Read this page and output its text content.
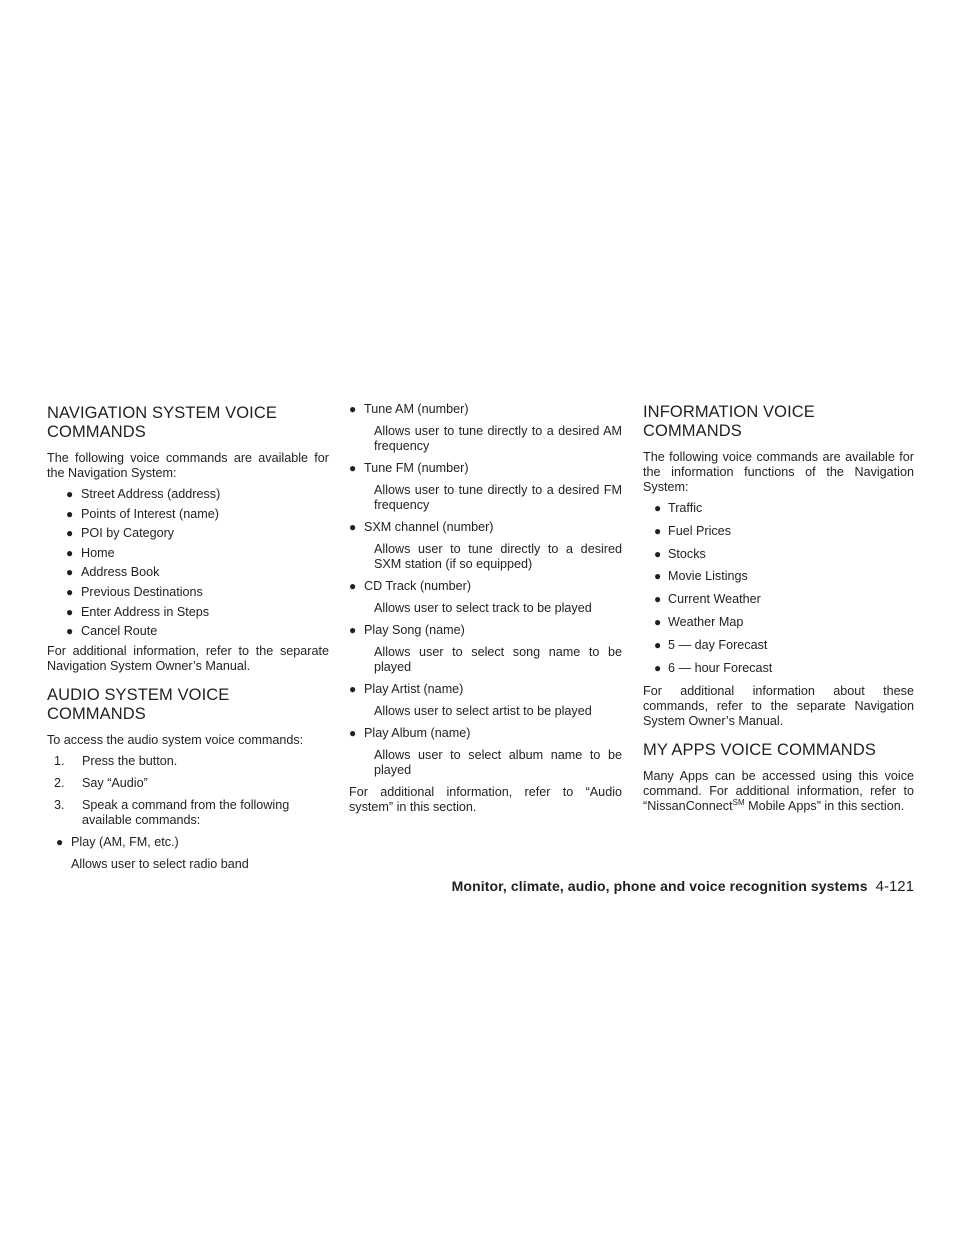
NAVIGATION SYSTEM VOICE COMMANDS

The following voice commands are available for the Navigation System:

● Street Address (address)
● Points of Interest (name)
● POI by Category
● Home
● Address Book
● Previous Destinations
● Enter Address in Steps
● Cancel Route

For additional information, refer to the separate Navigation System Owner’s Manual.

AUDIO SYSTEM VOICE COMMANDS

To access the audio system voice commands:

1. Press the button.
2. Say “Audio”
3. Speak a command from the following available commands:
● Play (AM, FM, etc.)
Allows user to select radio band
● Tune AM (number)
Allows user to tune directly to a desired AM frequency
● Tune FM (number)
Allows user to tune directly to a desired FM frequency
● SXM channel (number)
Allows user to tune directly to a desired SXM station (if so equipped)
● CD Track (number)
Allows user to select track to be played
● Play Song (name)
Allows user to select song name to be played
● Play Artist (name)
Allows user to select artist to be played
● Play Album (name)
Allows user to select album name to be played

For additional information, refer to “Audio system” in this section.

INFORMATION VOICE COMMANDS

The following voice commands are available for the information functions of the Navigation System:

● Traffic
● Fuel Prices
● Stocks
● Movie Listings
● Current Weather
● Weather Map
● 5 — day Forecast
● 6 — hour Forecast

For additional information about these commands, refer to the separate Navigation System Owner’s Manual.

MY APPS VOICE COMMANDS

Many Apps can be accessed using this voice command. For additional information, refer to “NissanConnect℠ Mobile Apps” in this section.

Monitor, climate, audio, phone and voice recognition systems 4-121
